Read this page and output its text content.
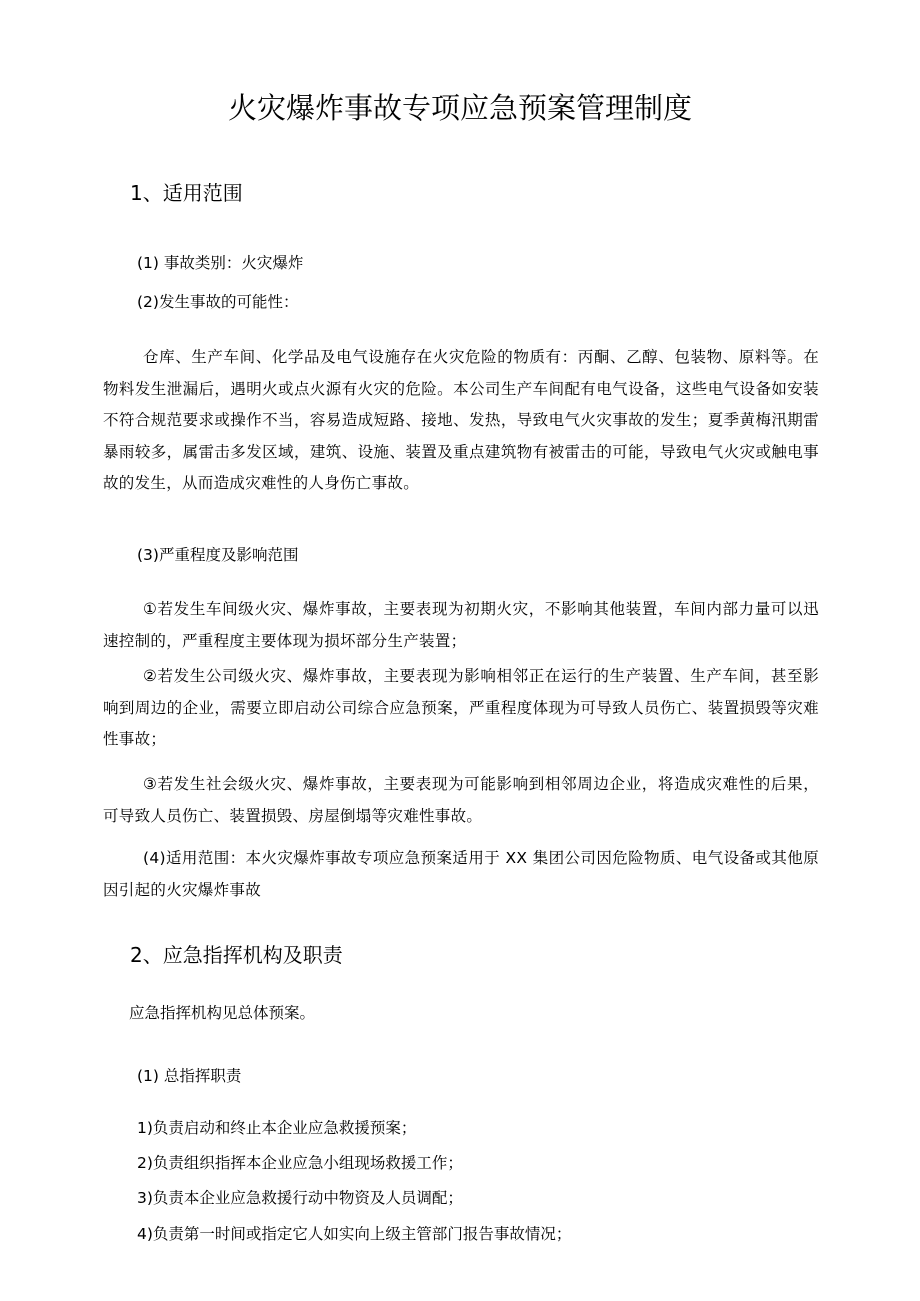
火灾爆炸事故专项应急预案管理制度
1、适用范围

(1) 事故类别：火灾爆炸

(2)发生事故的可能性：

仓库、生产车间、化学品及电气设施存在火灾危险的物质有：丙酮、乙醇、包装物、原料等。在物料发生泄漏后，遇明火或点火源有火灾的危险。本公司生产车间配有电气设备，这些电气设备如安装不符合规范要求或操作不当，容易造成短路、接地、发热，导致电气火灾事故的发生；夏季黄梅汛期雷暴雨较多，属雷击多发区域，建筑、设施、装置及重点建筑物有被雷击的可能，导致电气火灾或触电事故的发生，从而造成灾难性的人身伤亡事故。

(3)严重程度及影响范围

①若发生车间级火灾、爆炸事故，主要表现为初期火灾，不影响其他装置，车间内部力量可以迅速控制的，严重程度主要体现为损坏部分生产装置；

②若发生公司级火灾、爆炸事故，主要表现为影响相邻正在运行的生产装置、生产车间，甚至影响到周边的企业，需要立即启动公司综合应急预案，严重程度体现为可导致人员伤亡、装置损毁等灾难性事故；

③若发生社会级火灾、爆炸事故，主要表现为可能影响到相邻周边企业，将造成灾难性的后果，可导致人员伤亡、装置损毁、房屋倒塌等灾难性事故。

(4)适用范围：本火灾爆炸事故专项应急预案适用于 XX 集团公司因危险物质、电气设备或其他原因引起的火灾爆炸事故

2、应急指挥机构及职责

应急指挥机构见总体预案。

(1) 总指挥职责

1)负责启动和终止本企业应急救援预案；

2)负责组织指挥本企业应急小组现场救援工作；

3)负责本企业应急救援行动中物资及人员调配；

4)负责第一时间或指定它人如实向上级主管部门报告事故情况；
